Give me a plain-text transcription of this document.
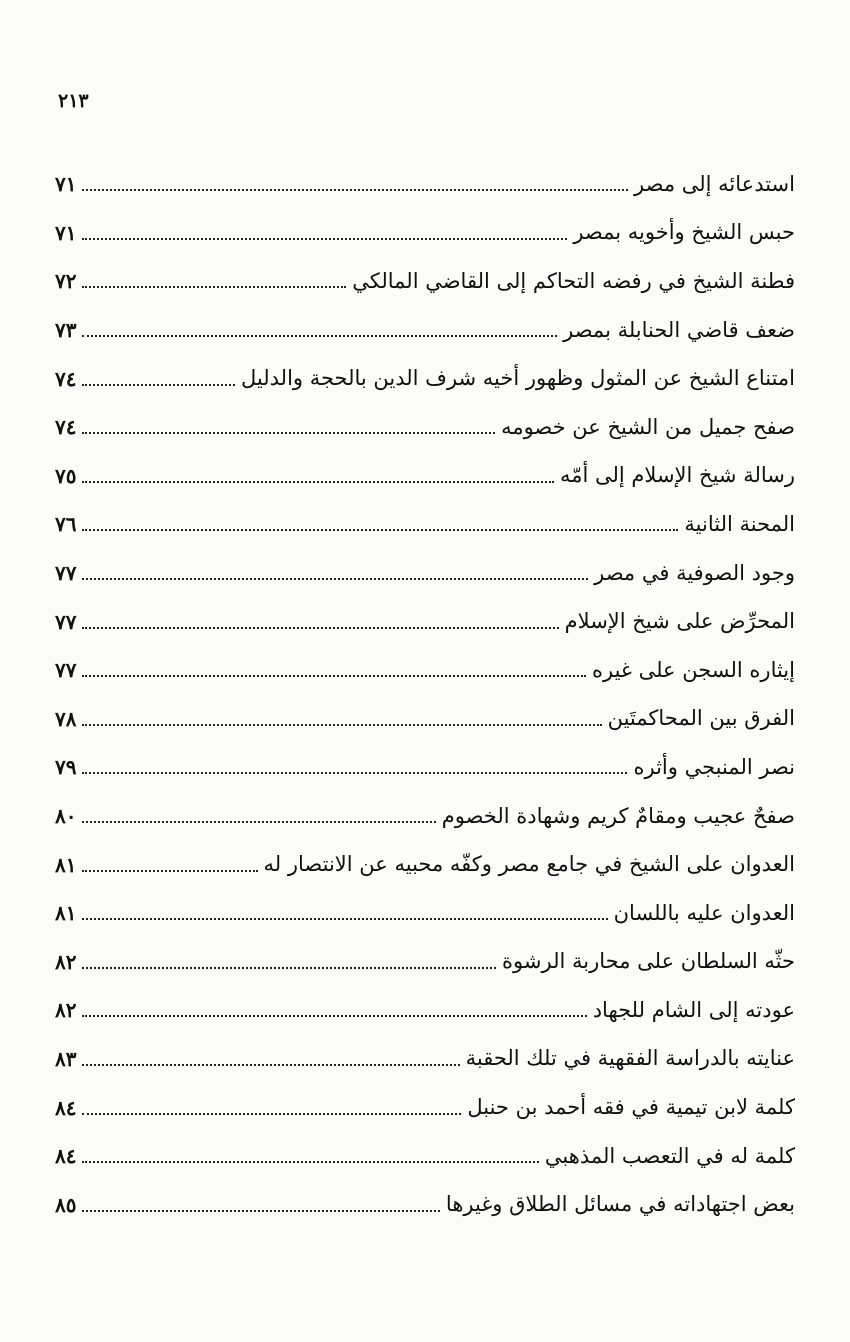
٢١٣
استدعائه إلى مصر
٧١
حبس الشيخ وأخويه بمصر
٧١
فطنة الشيخ في رفضه التحاكم إلى القاضي المالكي
٧٢
ضعف قاضي الحنابلة بمصر
٧٣
امتناع الشيخ عن المثول وظهور أخيه شرف الدين بالحجة والدليل
٧٤
صفح جميل من الشيخ عن خصومه
٧٤
رسالة شيخ الإسلام إلى أمّه
٧٥
المحنة الثانية
٧٦
وجود الصوفية في مصر
٧٧
المحرِّض على شيخ الإسلام
٧٧
إيثاره السجن على غيره
٧٧
الفرق بين المحاكمتَين
٧٨
نصر المنبجي وأثره
٧٩
صفحٌ عجيب ومقامٌ كريم وشهادة الخصوم
٨٠
العدوان على الشيخ في جامع مصر وكفّه محبيه عن الانتصار له
٨١
العدوان عليه باللسان
٨١
حثّه السلطان على محاربة الرشوة
٨٢
عودته إلى الشام للجهاد
٨٢
عنايته بالدراسة الفقهية في تلك الحقبة
٨٣
كلمة لابن تيمية في فقه أحمد بن حنبل
٨٤
كلمة له في التعصب المذهبي
٨٤
بعض اجتهاداته في مسائل الطلاق وغيرها
٨٥
